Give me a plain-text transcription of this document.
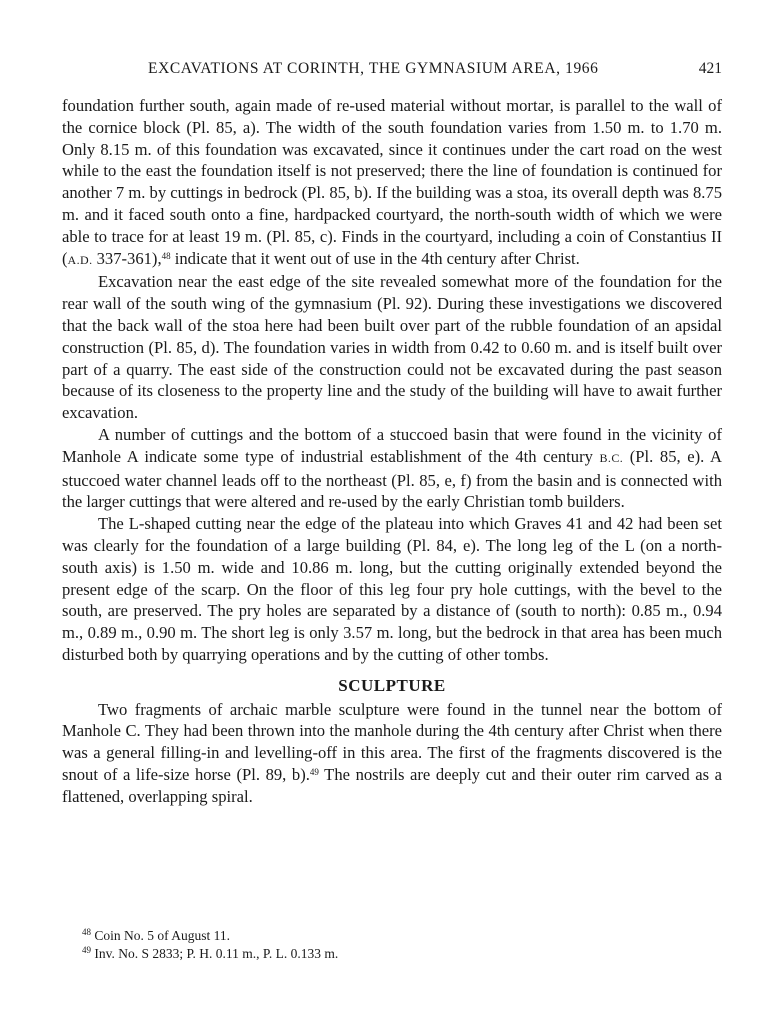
EXCAVATIONS AT CORINTH, THE GYMNASIUM AREA, 1966	421

foundation further south, again made of re-used material without mortar, is parallel to the wall of the cornice block (Pl. 85, a). The width of the south foundation varies from 1.50 m. to 1.70 m. Only 8.15 m. of this foundation was excavated, since it continues under the cart road on the west while to the east the foundation itself is not preserved; there the line of foundation is continued for another 7 m. by cuttings in bedrock (Pl. 85, b). If the building was a stoa, its overall depth was 8.75 m. and it faced south onto a fine, hardpacked courtyard, the north-south width of which we were able to trace for at least 19 m. (Pl. 85, c). Finds in the courtyard, including a coin of Constantius II (A.D. 337-361),$^{48}$ indicate that it went out of use in the 4th century after Christ.

Excavation near the east edge of the site revealed somewhat more of the foundation for the rear wall of the south wing of the gymnasium (Pl. 92). During these investigations we discovered that the back wall of the stoa here had been built over part of the rubble foundation of an apsidal construction (Pl. 85, d). The foundation varies in width from 0.42 to 0.60 m. and is itself built over part of a quarry. The east side of the construction could not be excavated during the past season because of its closeness to the property line and the study of the building will have to await further excavation.

A number of cuttings and the bottom of a stuccoed basin that were found in the vicinity of Manhole A indicate some type of industrial establishment of the 4th century B.C. (Pl. 85, e). A stuccoed water channel leads off to the northeast (Pl. 85, e, f) from the basin and is connected with the larger cuttings that were altered and re-used by the early Christian tomb builders.

The L-shaped cutting near the edge of the plateau into which Graves 41 and 42 had been set was clearly for the foundation of a large building (Pl. 84, e). The long leg of the L (on a north-south axis) is 1.50 m. wide and 10.86 m. long, but the cutting originally extended beyond the present edge of the scarp. On the floor of this leg four pry hole cuttings, with the bevel to the south, are preserved. The pry holes are separated by a distance of (south to north): 0.85 m., 0.94 m., 0.89 m., 0.90 m. The short leg is only 3.57 m. long, but the bedrock in that area has been much disturbed both by quarrying operations and by the cutting of other tombs.

SCULPTURE

Two fragments of archaic marble sculpture were found in the tunnel near the bottom of Manhole C. They had been thrown into the manhole during the 4th century after Christ when there was a general filling-in and levelling-off in this area. The first of the fragments discovered is the snout of a life-size horse (Pl. 89, b).$^{49}$ The nostrils are deeply cut and their outer rim carved as a flattened, overlapping spiral.

$^{48}$ Coin No. 5 of August 11.
$^{49}$ Inv. No. S 2833; P. H. 0.11 m., P. L. 0.133 m.
